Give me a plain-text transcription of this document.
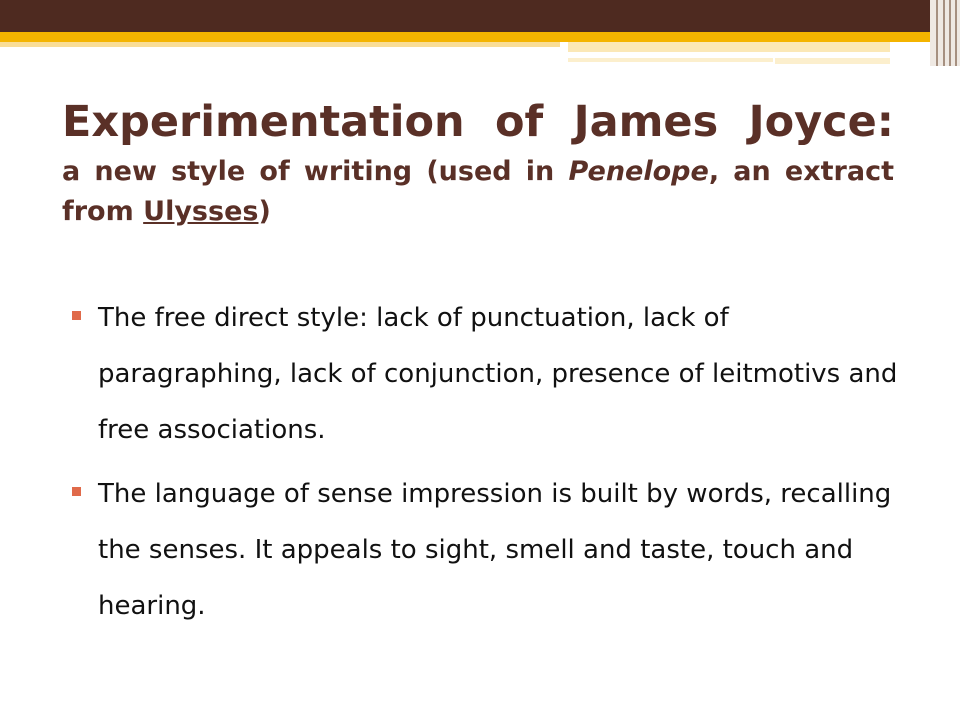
Experimentation of James Joyce:
a new style of writing (used in Penelope, an extract from Ulysses)
The free direct style: lack of punctuation, lack of paragraphing, lack of conjunction, presence of leitmotivs and free associations.
The language of sense impression is built by words, recalling the senses. It appeals to sight, smell and taste, touch and hearing.
